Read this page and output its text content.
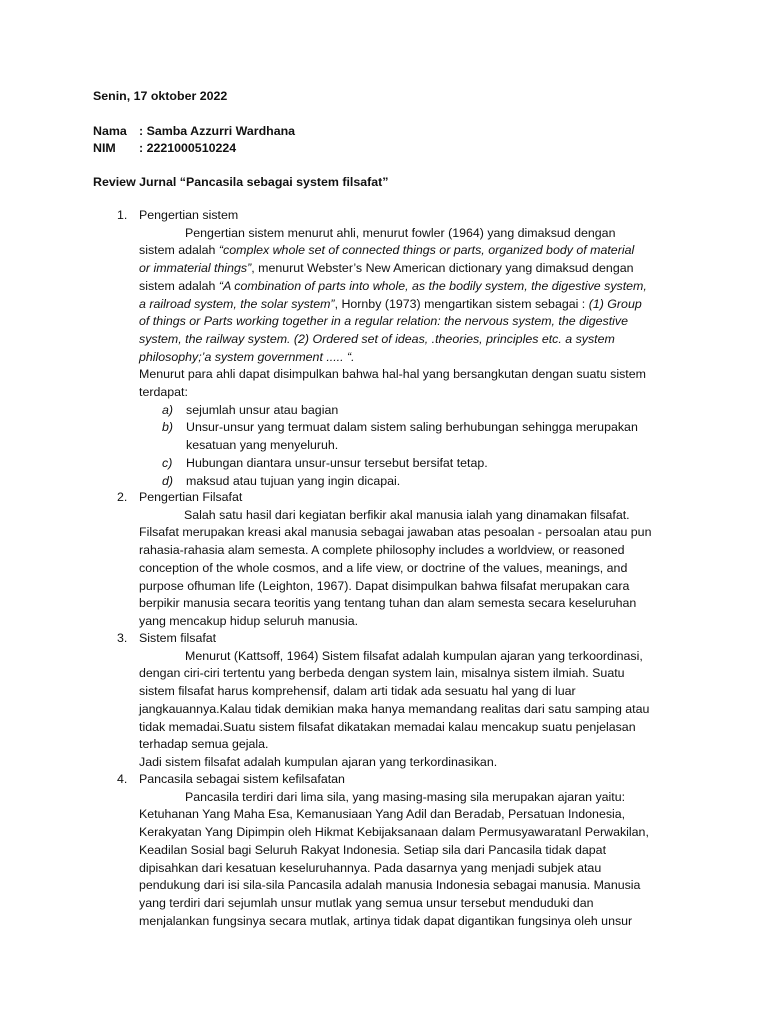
Senin, 17 oktober 2022
Nama : Samba Azzurri Wardhana
NIM : 2221000510224
Review Jurnal “Pancasila sebagai system filsafat”
1. Pengertian sistem
Pengertian sistem menurut ahli, menurut fowler (1964) yang dimaksud dengan
sistem adalah “complex whole set of connected things or parts, organized body of material
or immaterial things”, menurut Webster’s New American dictionary yang dimaksud dengan
sistem adalah “A combination of parts into whole, as the bodily system, the digestive system,
a railroad system, the solar system”, Hornby (1973) mengartikan sistem sebagai : (1) Group
of things or Parts working together in a regular relation: the nervous system, the digestive
system, the railway system. (2) Ordered set of ideas, .theories, principles etc. a system
philosophy;’a system government ..... “.
Menurut para ahli dapat disimpulkan bahwa hal-hal yang bersangkutan dengan suatu sistem
terdapat:
a) sejumlah unsur atau bagian
b) Unsur-unsur yang termuat dalam sistem saling berhubungan sehingga merupakan
kesatuan yang menyeluruh.
c) Hubungan diantara unsur-unsur tersebut bersifat tetap.
d) maksud atau tujuan yang ingin dicapai.
2. Pengertian Filsafat
Salah satu hasil dari kegiatan berfikir akal manusia ialah yang dinamakan filsafat.
Filsafat merupakan kreasi akal manusia sebagai jawaban atas pesoalan - persoalan atau pun
rahasia-rahasia alam semesta. A complete philosophy includes a worldview, or reasoned
conception of the whole cosmos, and a life view, or doctrine of the values, meanings, and
purpose ofhuman life (Leighton, 1967). Dapat disimpulkan bahwa filsafat merupakan cara
berpikir manusia secara teoritis yang tentang tuhan dan alam semesta secara keseluruhan
yang mencakup hidup seluruh manusia.
3. Sistem filsafat
Menurut (Kattsoff, 1964) Sistem filsafat adalah kumpulan ajaran yang terkoordinasi,
dengan ciri-ciri tertentu yang berbeda dengan system lain, misalnya sistem ilmiah. Suatu
sistem filsafat harus komprehensif, dalam arti tidak ada sesuatu hal yang di luar
jangkauannya.Kalau tidak demikian maka hanya memandang realitas dari satu samping atau
tidak memadai.Suatu sistem filsafat dikatakan memadai kalau mencakup suatu penjelasan
terhadap semua gejala.
Jadi sistem filsafat adalah kumpulan ajaran yang terkordinasikan.
4. Pancasila sebagai sistem kefilsafatan
Pancasila terdiri dari lima sila, yang masing-masing sila merupakan ajaran yaitu:
Ketuhanan Yang Maha Esa, Kemanusiaan Yang Adil dan Beradab, Persatuan Indonesia,
Kerakyatan Yang Dipimpin oleh Hikmat Kebijaksanaan dalam Permusyawaratanl Perwakilan,
Keadilan Sosial bagi Seluruh Rakyat Indonesia. Setiap sila dari Pancasila tidak dapat
dipisahkan dari kesatuan keseluruhannya. Pada dasarnya yang menjadi subjek atau
pendukung dari isi sila-sila Pancasila adalah manusia Indonesia sebagai manusia. Manusia
yang terdiri dari sejumlah unsur mutlak yang semua unsur tersebut menduduki dan
menjalankan fungsinya secara mutlak, artinya tidak dapat digantikan fungsinya oleh unsur
